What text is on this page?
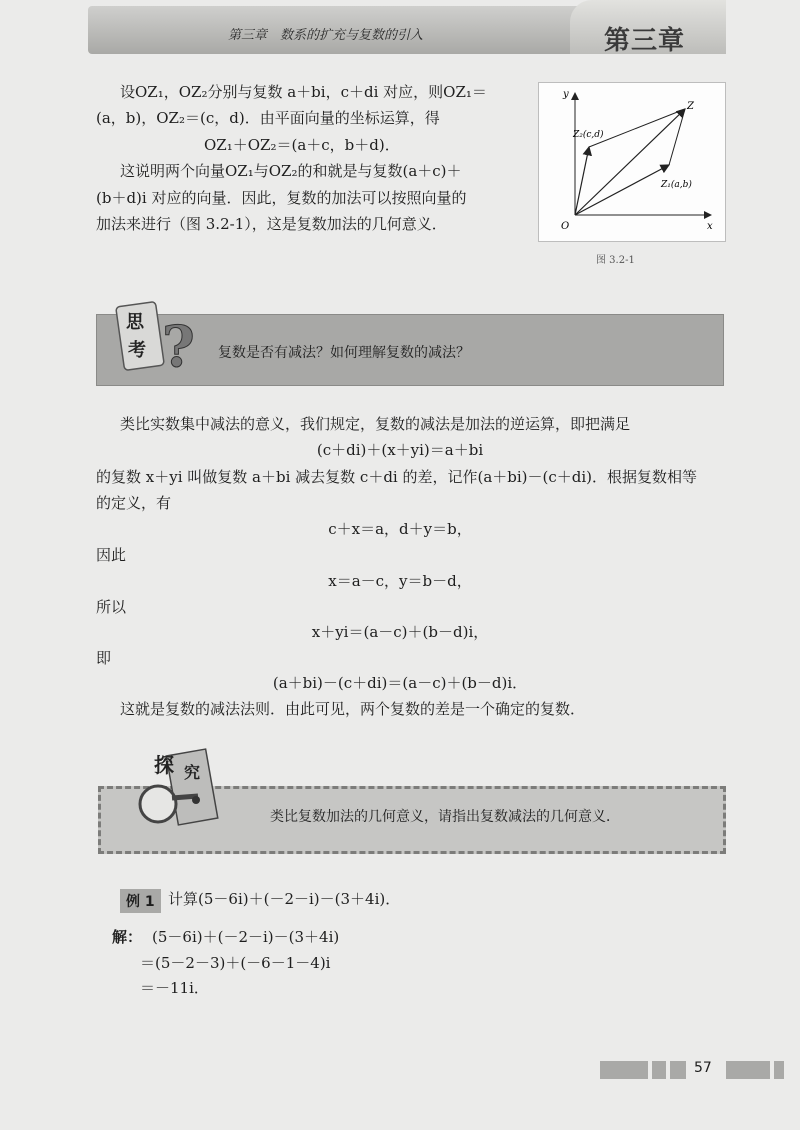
第三章　数系的扩充与复数的引入	第三章
设OZ₁，OZ₂分别与复数 a＋bi，c＋di 对应，则OZ₁＝
(a，b)，OZ₂＝(c，d)．由平面向量的坐标运算，得
OZ₁＋OZ₂＝(a＋c，b＋d)．
这说明两个向量OZ₁与OZ₂的和就是与复数(a＋c)＋
(b＋d)i 对应的向量．因此，复数的加法可以按照向量的
加法来进行（图 3.2-1），这是复数加法的几何意义．
y
x
O
Z
Z₁(a,b)
Z₂(c,d)
图 3.2-1
?
思
考	复数是否有减法？如何理解复数的减法？
类比实数集中减法的意义，我们规定，复数的减法是加法的逆运算，即把满足
(c＋di)＋(x＋yi)＝a＋bi
的复数 x＋yi 叫做复数 a＋bi 减去复数 c＋di 的差，记作(a＋bi)－(c＋di)．根据复数相等
的定义，有
c＋x＝a，d＋y＝b，
因此
x＝a－c，y＝b－d，
所以
x＋yi＝(a－c)＋(b－d)i，
即
(a＋bi)－(c＋di)＝(a－c)＋(b－d)i．
这就是复数的减法法则．由此可见，两个复数的差是一个确定的复数．
探 究
类比复数加法的几何意义，请指出复数减法的几何意义．
例 1 计算(5－6i)＋(－2－i)－(3＋4i)．
解： (5－6i)＋(－2－i)－(3＋4i)
＝(5－2－3)＋(－6－1－4)i
＝－11i．
57
